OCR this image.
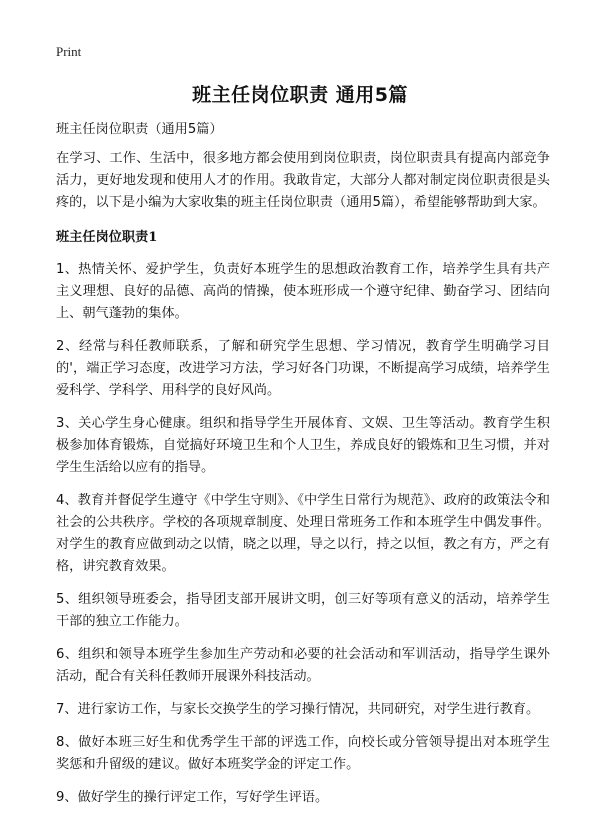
Print
班主任岗位职责 通用5篇

班主任岗位职责（通用5篇）

在学习、工作、生活中，很多地方都会使用到岗位职责，岗位职责具有提高内部竞争活力，更好地发现和使用人才的作用。我敢肯定，大部分人都对制定岗位职责很是头疼的，以下是小编为大家收集的班主任岗位职责（通用5篇），希望能够帮助到大家。

班主任岗位职责1
1、热情关怀、爱护学生，负责好本班学生的思想政治教育工作，培养学生具有共产主义理想、良好的品德、高尚的情操，使本班形成一个遵守纪律、勤奋学习、团结向上、朝气蓬勃的集体。
2、经常与科任教师联系，了解和研究学生思想、学习情况，教育学生明确学习目的'，端正学习态度，改进学习方法，学习好各门功课，不断提高学习成绩，培养学生爱科学、学科学、用科学的良好风尚。
3、关心学生身心健康。组织和指导学生开展体育、文娱、卫生等活动。教育学生积极参加体育锻炼，自觉搞好环境卫生和个人卫生，养成良好的锻炼和卫生习惯，并对学生生活给以应有的指导。
4、教育并督促学生遵守《中学生守则》、《中学生日常行为规范》、政府的政策法令和社会的公共秩序。学校的各项规章制度、处理日常班务工作和本班学生中偶发事件。对学生的教育应做到动之以情，晓之以理，导之以行，持之以恒，教之有方，严之有格，讲究教育效果。
5、组织领导班委会，指导团支部开展讲文明，创三好等项有意义的活动，培养学生干部的独立工作能力。
6、组织和领导本班学生参加生产劳动和必要的社会活动和军训活动，指导学生课外活动，配合有关科任教师开展课外科技活动。
7、进行家访工作，与家长交换学生的学习操行情况，共同研究，对学生进行教育。
8、做好本班三好生和优秀学生干部的评选工作，向校长或分管领导提出对本班学生奖惩和升留级的建议。做好本班奖学金的评定工作。
9、做好学生的操行评定工作，写好学生评语。
